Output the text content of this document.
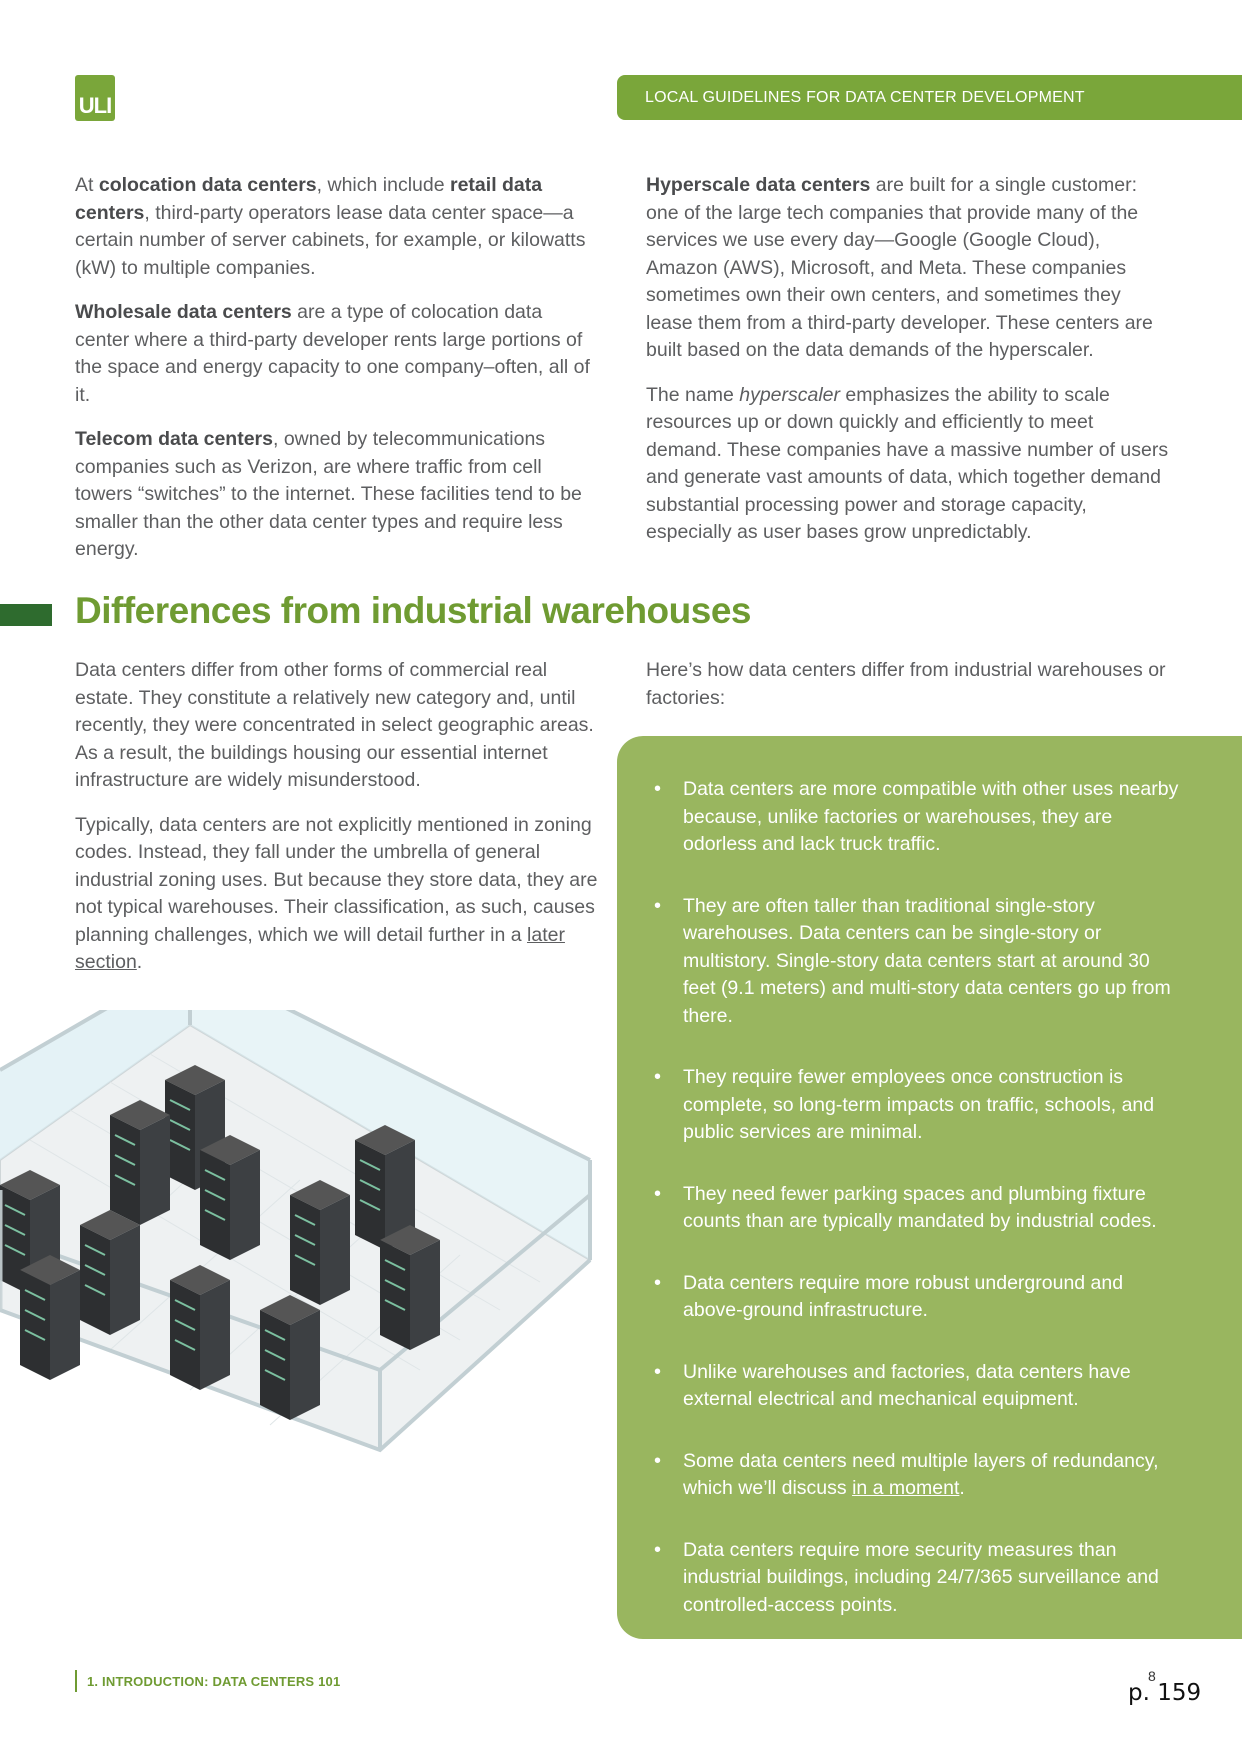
ULI	LOCAL GUIDELINES FOR DATA CENTER DEVELOPMENT

At colocation data centers, which include retail data centers, third-party operators lease data center space—a certain number of server cabinets, for example, or kilowatts (kW) to multiple companies.

Wholesale data centers are a type of colocation data center where a third-party developer rents large portions of the space and energy capacity to one company–often, all of it.

Telecom data centers, owned by telecommunications companies such as Verizon, are where traffic from cell towers “switches” to the internet. These facilities tend to be smaller than the other data center types and require less energy.

Hyperscale data centers are built for a single customer: one of the large tech companies that provide many of the services we use every day—Google (Google Cloud), Amazon (AWS), Microsoft, and Meta. These companies sometimes own their own centers, and sometimes they lease them from a third-party developer. These centers are built based on the data demands of the hyperscaler.

The name hyperscaler emphasizes the ability to scale resources up or down quickly and efficiently to meet demand. These companies have a massive number of users and generate vast amounts of data, which together demand substantial processing power and storage capacity, especially as user bases grow unpredictably.

Differences from industrial warehouses

Data centers differ from other forms of commercial real estate. They constitute a relatively new category and, until recently, they were concentrated in select geographic areas. As a result, the buildings housing our essential internet infrastructure are widely misunderstood.

Typically, data centers are not explicitly mentioned in zoning codes. Instead, they fall under the umbrella of general industrial zoning uses. But because they store data, they are not typical warehouses. Their classification, as such, causes planning challenges, which we will detail further in a later section.

Here’s how data centers differ from industrial warehouses or factories:

• Data centers are more compatible with other uses nearby because, unlike factories or warehouses, they are odorless and lack truck traffic.
• They are often taller than traditional single-story warehouses. Data centers can be single-story or multistory. Single-story data centers start at around 30 feet (9.1 meters) and multi-story data centers go up from there.
• They require fewer employees once construction is complete, so long-term impacts on traffic, schools, and public services are minimal.
• They need fewer parking spaces and plumbing fixture counts than are typically mandated by industrial codes.
• Data centers require more robust underground and above-ground infrastructure.
• Unlike warehouses and factories, data centers have external electrical and mechanical equipment.
• Some data centers need multiple layers of redundancy, which we’ll discuss in a moment.
• Data centers require more security measures than industrial buildings, including 24/7/365 surveillance and controlled-access points.
1. INTRODUCTION: DATA CENTERS 101	8
p. 159
